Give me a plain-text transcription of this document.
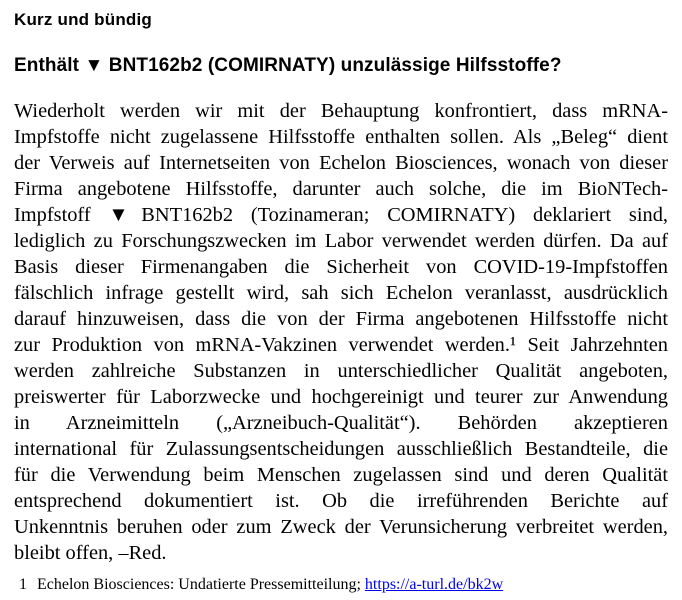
Kurz und bündig
Enthält ▼ BNT162b2 (COMIRNATY) unzulässige Hilfsstoffe?
Wiederholt werden wir mit der Behauptung konfrontiert, dass mRNA-
Impfstoffe nicht zugelassene Hilfsstoffe enthalten sollen. Als „Beleg“ dient
der Verweis auf Internetseiten von Echelon Biosciences, wonach von dieser
Firma angebotene Hilfsstoffe, darunter auch solche, die im BioNTech-
Impfstoff ▼BNT162b2 (Tozinameran; COMIRNATY) deklariert sind,
lediglich zu Forschungszwecken im Labor verwendet werden dürfen. Da auf
Basis dieser Firmenangaben die Sicherheit von COVID-19-Impfstoffen
fälschlich infrage gestellt wird, sah sich Echelon veranlasst, ausdrücklich
darauf hinzuweisen, dass die von der Firma angebotenen Hilfsstoffe nicht
zur Produktion von mRNA-Vakzinen verwendet werden.¹ Seit Jahrzehnten
werden zahlreiche Substanzen in unterschiedlicher Qualität angeboten,
preiswerter für Laborzwecke und hochgereinigt und teurer zur Anwendung
in Arzneimitteln („Arzneibuch-Qualität“). Behörden akzeptieren
international für Zulassungsentscheidungen ausschließlich Bestandteile, die
für die Verwendung beim Menschen zugelassen sind und deren Qualität
entsprechend dokumentiert ist. Ob die irreführenden Berichte auf
Unkenntnis beruhen oder zum Zweck der Verunsicherung verbreitet werden,
bleibt offen, –Red.
1 Echelon Biosciences: Undatierte Pressemitteilung; https://a-turl.de/bk2w
